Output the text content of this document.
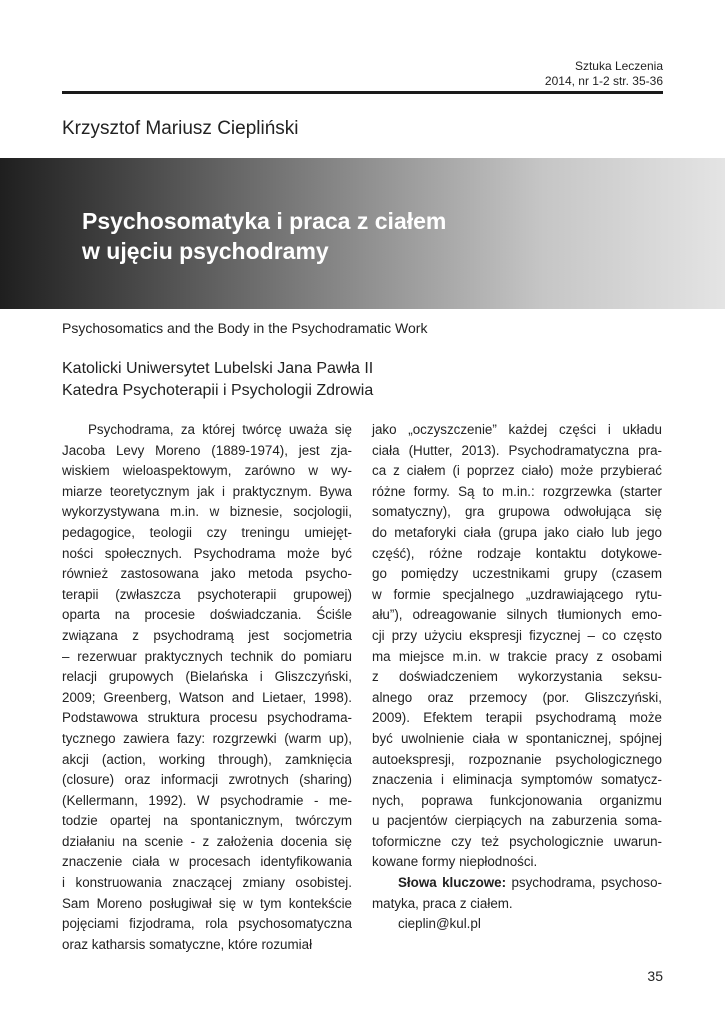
Sztuka Leczenia
2014, nr 1-2 str. 35-36
Krzysztof Mariusz Ciepliński
Psychosomatyka i praca z ciałem
w ujęciu psychodramy
Psychosomatics and the Body in the Psychodramatic Work
Katolicki Uniwersytet Lubelski Jana Pawła II
Katedra Psychoterapii i Psychologii Zdrowia
Psychodrama, za której twórcę uważa się
Jacoba Levy Moreno (1889-1974), jest zja-
wiskiem wieloaspektowym, zarówno w wy-
miarze teoretycznym jak i praktycznym. Bywa
wykorzystywana m.in. w biznesie, socjologii,
pedagogice, teologii czy treningu umiejęt-
ności społecznych. Psychodrama może być
również zastosowana jako metoda psycho-
terapii (zwłaszcza psychoterapii grupowej)
oparta na procesie doświadczania. Ściśle
związana z psychodramą jest socjometria
– rezerwuar praktycznych technik do pomiaru
relacji grupowych (Bielańska i Gliszczyński,
2009; Greenberg, Watson and Lietaer, 1998).
Podstawowa struktura procesu psychodrama-
tycznego zawiera fazy: rozgrzewki (warm up),
akcji (action, working through), zamknięcia
(closure) oraz informacji zwrotnych (sharing)
(Kellermann, 1992). W psychodramie - me-
todzie opartej na spontanicznym, twórczym
działaniu na scenie - z założenia docenia się
znaczenie ciała w procesach identyfikowania
i konstruowania znaczącej zmiany osobistej.
Sam Moreno posługiwał się w tym kontekście
pojęciami fizjodrama, rola psychosomatyczna
oraz katharsis somatyczne, które rozumiał
jako „oczyszczenie” każdej części i układu
ciała (Hutter, 2013). Psychodramatyczna pra-
ca z ciałem (i poprzez ciało) może przybierać
różne formy. Są to m.in.: rozgrzewka (starter
somatyczny), gra grupowa odwołująca się
do metaforyki ciała (grupa jako ciało lub jego
część), różne rodzaje kontaktu dotykowe-
go pomiędzy uczestnikami grupy (czasem
w formie specjalnego „uzdrawiającego rytu-
ału”), odreagowanie silnych tłumionych emo-
cji przy użyciu ekspresji fizycznej – co często
ma miejsce m.in. w trakcie pracy z osobami
z doświadczeniem wykorzystania seksu-
alnego oraz przemocy (por. Gliszczyński,
2009). Efektem terapii psychodramą może
być uwolnienie ciała w spontanicznej, spójnej
autoekspresji, rozpoznanie psychologicznego
znaczenia i eliminacja symptomów somatycz-
nych, poprawa funkcjonowania organizmu
u pacjentów cierpiących na zaburzenia soma-
toformiczne czy też psychologicznie uwarun-
kowane formy niepłodności.
Słowa kluczowe: psychodrama, psychoso-
matyka, praca z ciałem.
cieplin@kul.pl
35
